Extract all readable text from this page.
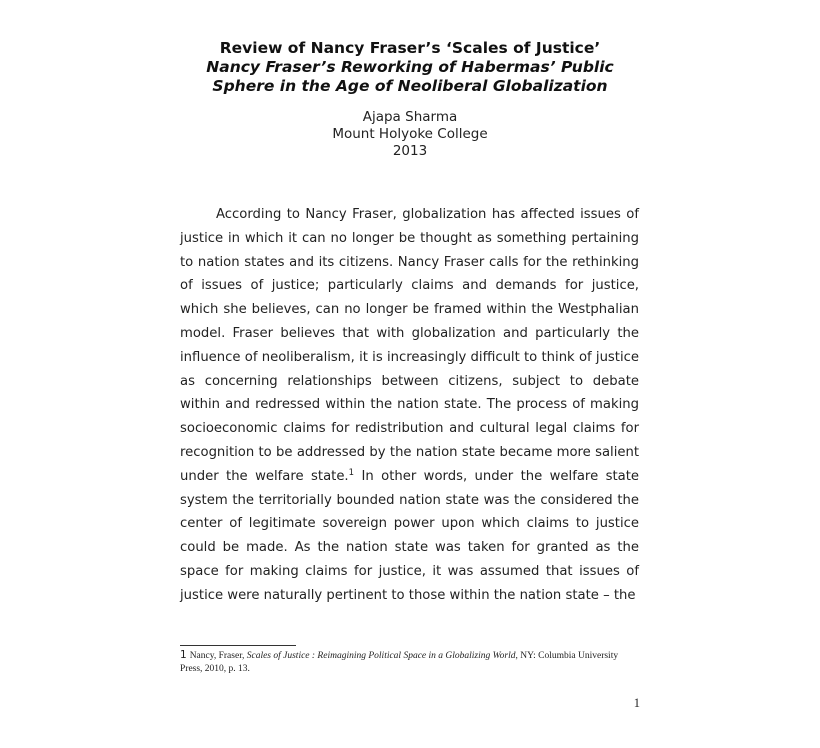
Review of Nancy Fraser’s ‘Scales of Justice’
Nancy Fraser’s Reworking of Habermas’ Public
Sphere in the Age of Neoliberal Globalization
Ajapa Sharma
Mount Holyoke College
2013

According to Nancy Fraser, globalization has affected issues of justice in which it can no longer be thought as something pertaining to nation states and its citizens. Nancy Fraser calls for the rethinking of issues of justice; particularly claims and demands for justice, which she believes, can no longer be framed within the Westphalian model. Fraser believes that with globalization and particularly the influence of neoliberalism, it is increasingly difficult to think of justice as concerning relationships between citizens, subject to debate within and redressed within the nation state. The process of making socioeconomic claims for redistribution and cultural legal claims for recognition to be addressed by the nation state became more salient under the welfare state.$^1$ In other words, under the welfare state system the territorially bounded nation state was the considered the center of legitimate sovereign power upon which claims to justice could be made. As the nation state was taken for granted as the space for making claims for justice, it was assumed that issues of justice were naturally pertinent to those within the nation state – the

1 Nancy, Fraser, Scales of Justice : Reimagining Political Space in a Globalizing World, NY: Columbia University Press, 2010, p. 13.
1
